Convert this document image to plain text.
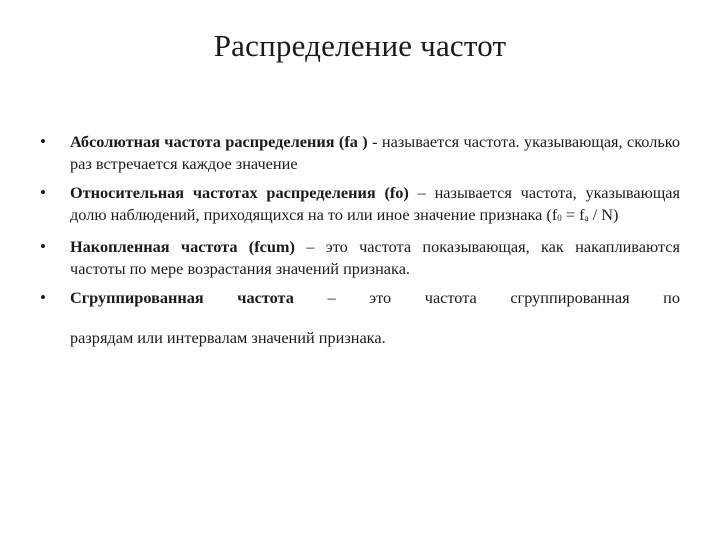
Распределение частот
• Абсолютная частота распределения (fa ) - называется частота. указывающая, сколько раз встречается каждое значение
• Относительная частотах распределения (fo) – называется частота, указывающая долю наблюдений, приходящихся на то или иное значение признака (f0 = fa / N)
• Накопленная частота (fcum) – это частота показывающая, как накапливаются частоты по мере возрастания значений признака.
• Сгруппированная частота – это частота сгруппированная по
разрядам или интервалам значений признака.
